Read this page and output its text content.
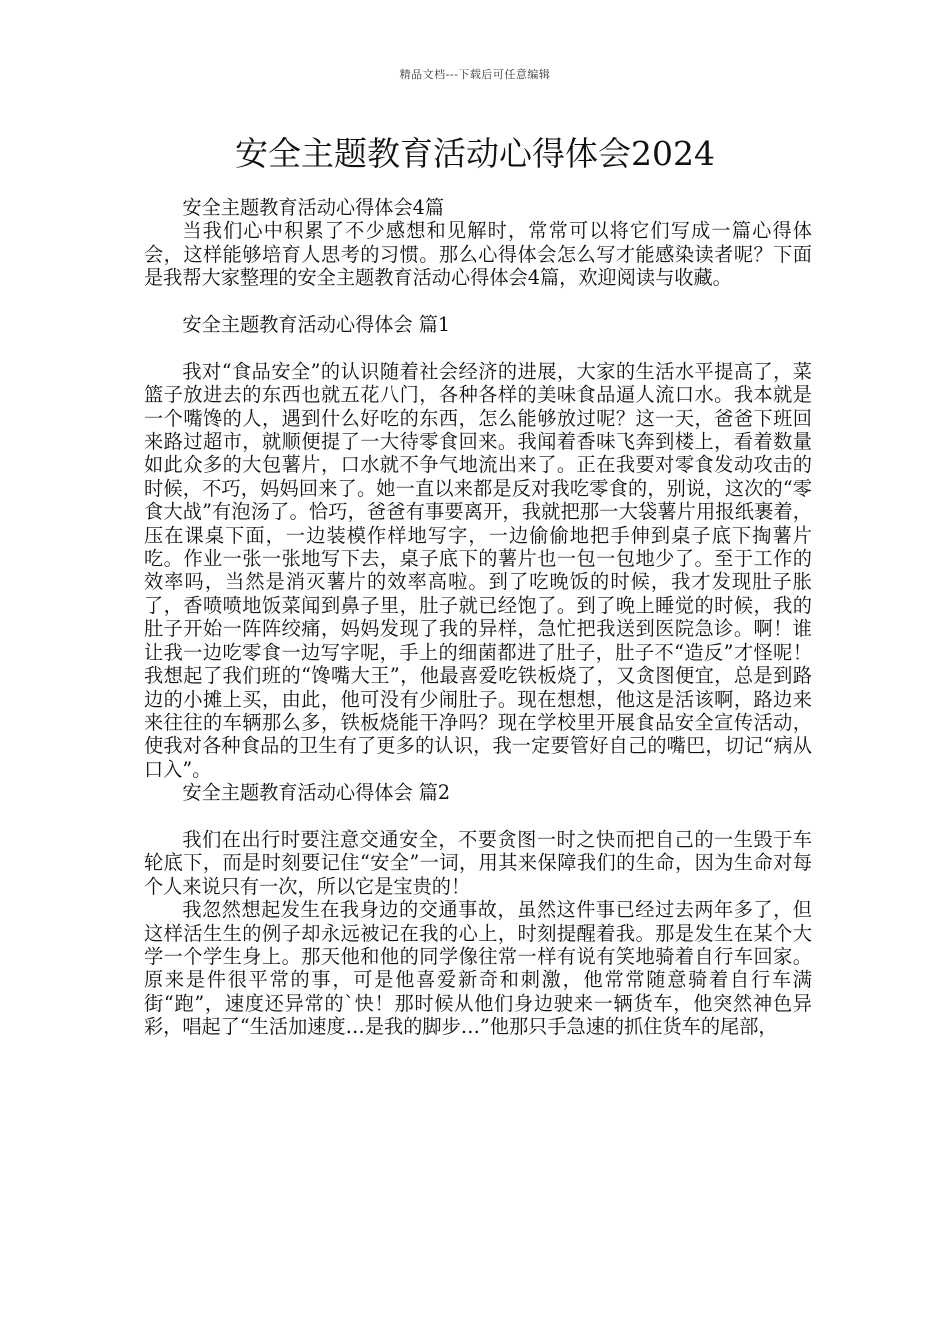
精品文档---下载后可任意编辑
安全主题教育活动心得体会2024

安全主题教育活动心得体会4篇

当我们心中积累了不少感想和见解时，常常可以将它们写成一篇心得体会，这样能够培育人思考的习惯。那么心得体会怎么写才能感染读者呢？下面是我帮大家整理的安全主题教育活动心得体会4篇，欢迎阅读与收藏。

安全主题教育活动心得体会 篇1

我对“食品安全”的认识随着社会经济的进展，大家的生活水平提高了，菜篮子放进去的东西也就五花八门，各种各样的美味食品逼人流口水。我本就是一个嘴馋的人，遇到什么好吃的东西，怎么能够放过呢？这一天，爸爸下班回来路过超市，就顺便提了一大待零食回来。我闻着香味飞奔到楼上，看着数量如此众多的大包薯片，口水就不争气地流出来了。正在我要对零食发动攻击的时候，不巧，妈妈回来了。她一直以来都是反对我吃零食的，别说，这次的“零食大战”有泡汤了。恰巧，爸爸有事要离开，我就把那一大袋薯片用报纸裹着，压在课桌下面，一边装模作样地写字，一边偷偷地把手伸到桌子底下掏薯片吃。作业一张一张地写下去，桌子底下的薯片也一包一包地少了。至于工作的效率吗，当然是消灭薯片的效率高啦。到了吃晚饭的时候，我才发现肚子胀了，香喷喷地饭菜闻到鼻子里，肚子就已经饱了。到了晚上睡觉的时候，我的肚子开始一阵阵绞痛，妈妈发现了我的异样，急忙把我送到医院急诊。啊！谁让我一边吃零食一边写字呢，手上的细菌都进了肚子，肚子不“造反”才怪呢！我想起了我们班的“馋嘴大王”，他最喜爱吃铁板烧了，又贪图便宜，总是到路边的小摊上买，由此，他可没有少闹肚子。现在想想，他这是活该啊，路边来来往往的车辆那么多，铁板烧能干净吗？现在学校里开展食品安全宣传活动，使我对各种食品的卫生有了更多的认识，我一定要管好自己的嘴巴，切记“病从口入”。

安全主题教育活动心得体会 篇2

我们在出行时要注意交通安全，不要贪图一时之快而把自己的一生毁于车轮底下，而是时刻要记住“安全”一词，用其来保障我们的生命，因为生命对每个人来说只有一次，所以它是宝贵的！

我忽然想起发生在我身边的交通事故，虽然这件事已经过去两年多了，但这样活生生的例子却永远被记在我的心上，时刻提醒着我。那是发生在某个大学一个学生身上。那天他和他的同学像往常一样有说有笑地骑着自行车回家。原来是件很平常的事，可是他喜爱新奇和刺激，他常常随意骑着自行车满街“跑”，速度还异常的`快！那时候从他们身边驶来一辆货车，他突然神色异彩，唱起了“生活加速度…是我的脚步…”他那只手急速的抓住货车的尾部，
